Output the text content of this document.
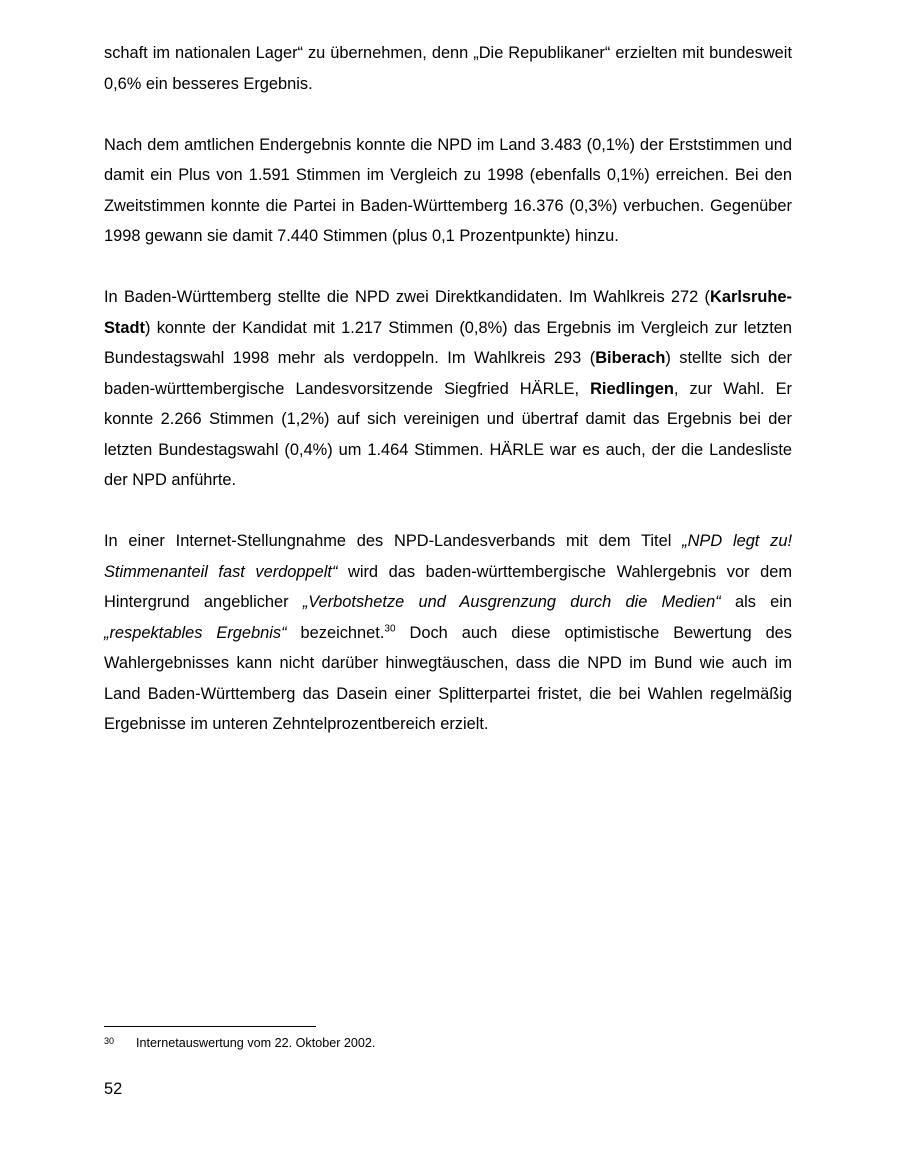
schaft im nationalen Lager“ zu übernehmen, denn „Die Republikaner“ erzielten mit bundesweit 0,6% ein besseres Ergebnis.

Nach dem amtlichen Endergebnis konnte die NPD im Land 3.483 (0,1%) der Erststimmen und damit ein Plus von 1.591 Stimmen im Vergleich zu 1998 (ebenfalls 0,1%) erreichen. Bei den Zweitstimmen konnte die Partei in Baden-Württemberg 16.376 (0,3%) verbuchen. Gegenüber 1998 gewann sie damit 7.440 Stimmen (plus 0,1 Prozentpunkte) hinzu.

In Baden-Württemberg stellte die NPD zwei Direktkandidaten. Im Wahlkreis 272 (Karlsruhe-Stadt) konnte der Kandidat mit 1.217 Stimmen (0,8%) das Ergebnis im Vergleich zur letzten Bundestagswahl 1998 mehr als verdoppeln. Im Wahlkreis 293 (Biberach) stellte sich der baden-württembergische Landesvorsitzende Siegfried HÄRLE, Riedlingen, zur Wahl. Er konnte 2.266 Stimmen (1,2%) auf sich vereinigen und übertraf damit das Ergebnis bei der letzten Bundestagswahl (0,4%) um 1.464 Stimmen. HÄRLE war es auch, der die Landesliste der NPD anführte.

In einer Internet-Stellungnahme des NPD-Landesverbands mit dem Titel „NPD legt zu! Stimmenanteil fast verdoppelt“ wird das baden-württembergische Wahlergebnis vor dem Hintergrund angeblicher „Verbotshetze und Ausgrenzung durch die Medien“ als ein „respektables Ergebnis“ bezeichnet.$^{30}$ Doch auch diese optimistische Bewertung des Wahlergebnisses kann nicht darüber hinwegtäuschen, dass die NPD im Bund wie auch im Land Baden-Württemberg das Dasein einer Splitterpartei fristet, die bei Wahlen regelmäßig Ergebnisse im unteren Zehntelprozentbereich erzielt.

30 Internetauswertung vom 22. Oktober 2002.
52
